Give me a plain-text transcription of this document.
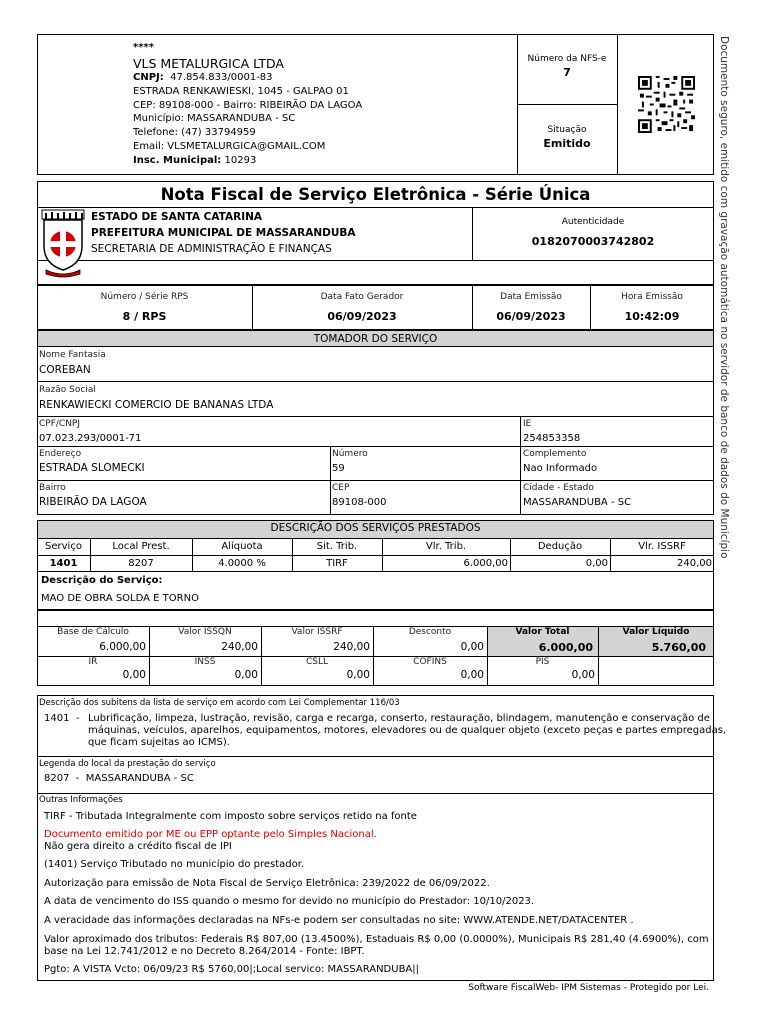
****
VLS METALURGICA LTDA
CNPJ: 47.854.833/0001-83
ESTRADA RENKAWIESKI, 1045 - GALPAO 01
CEP: 89108-000 - Bairro: RIBEIRÃO DA LAGOA
Município: MASSARANDUBA - SC
Telefone: (47) 33794959
Email: VLSMETALURGICA@GMAIL.COM
Insc. Municipal: 10293
Número da NFS-e
7
Situação
Emitido	Documento seguro, emitido com gravação automática no servidor de banco de dados do Município
Nota Fiscal de Serviço Eletrônica - Série Única
ESTADO DE SANTA CATARINA
PREFEITURA MUNICIPAL DE MASSARANDUBA
SECRETARIA DE ADMINISTRAÇÃO E FINANÇAS
Autenticidade
0182070003742802
Número / Série RPS
8 / RPS
Data Fato Gerador
06/09/2023
Data Emissão
06/09/2023
Hora Emissão
10:42:09
TOMADOR DO SERVIÇO
Nome Fantasia
COREBAN
Razão Social
RENKAWIECKI COMERCIO DE BANANAS LTDA
CPF/CNPJ
07.023.293/0001-71
IE
254853358
Endereço
ESTRADA SLOMECKI
Número
59
Complemento
Nao Informado
Bairro
RIBEIRÃO DA LAGOA
CEP
89108-000
Cidade - Estado
MASSARANDUBA - SC
DESCRIÇÃO DOS SERVIÇOS PRESTADOS
Serviço	Local Prest.	Alíquota	Sit. Trib.	Vlr. Trib.	Dedução	Vlr. ISSRF
1401	8207	4.0000 %	TIRF	6.000,00	0,00	240,00
Descrição do Serviço:
MAO DE OBRA SOLDA E TORNO
Base de Cálculo	Valor ISSQN	Valor ISSRF	Desconto	Valor Total	Valor Líquido
6.000,00	240,00	240,00	0,00	6.000,00	5.760,00
IR	INSS	CSLL	COFINS	PIS
0,00	0,00	0,00	0,00	0,00
Descrição dos subitens da lista de serviço em acordo com Lei Complementar 116/03
1401 - Lubrificação, limpeza, lustração, revisão, carga e recarga, conserto, restauração, blindagem, manutenção e conservação de
máquinas, veículos, aparelhos, equipamentos, motores, elevadores ou de qualquer objeto (exceto peças e partes empregadas,
que ficam sujeitas ao ICMS).
Legenda do local da prestação do serviço
8207  -  MASSARANDUBA - SC
Outras Informações
TIRF - Tributada Integralmente com imposto sobre serviços retido na fonte
Documento emitido por ME ou EPP optante pelo Simples Nacional.
Não gera direito a crédito fiscal de IPI
(1401) Serviço Tributado no município do prestador.
Autorização para emissão de Nota Fiscal de Serviço Eletrônica: 239/2022 de 06/09/2022.
A data de vencimento do ISS quando o mesmo for devido no município do Prestador: 10/10/2023.
A veracidade das informações declaradas na NFs-e podem ser consultadas no site: WWW.ATENDE.NET/DATACENTER .
Valor aproximado dos tributos: Federais R$ 807,00 (13.4500%), Estaduais R$ 0,00 (0.0000%), Municipais R$ 281,40 (4.6900%), com
base na Lei 12.741/2012 e no Decreto 8.264/2014 - Fonte: IBPT.
Pgto: A VISTA Vcto: 06/09/23 R$ 5760,00|;Local servico: MASSARANDUBA||
Software FiscalWeb- IPM Sistemas - Protegido por Lei.
